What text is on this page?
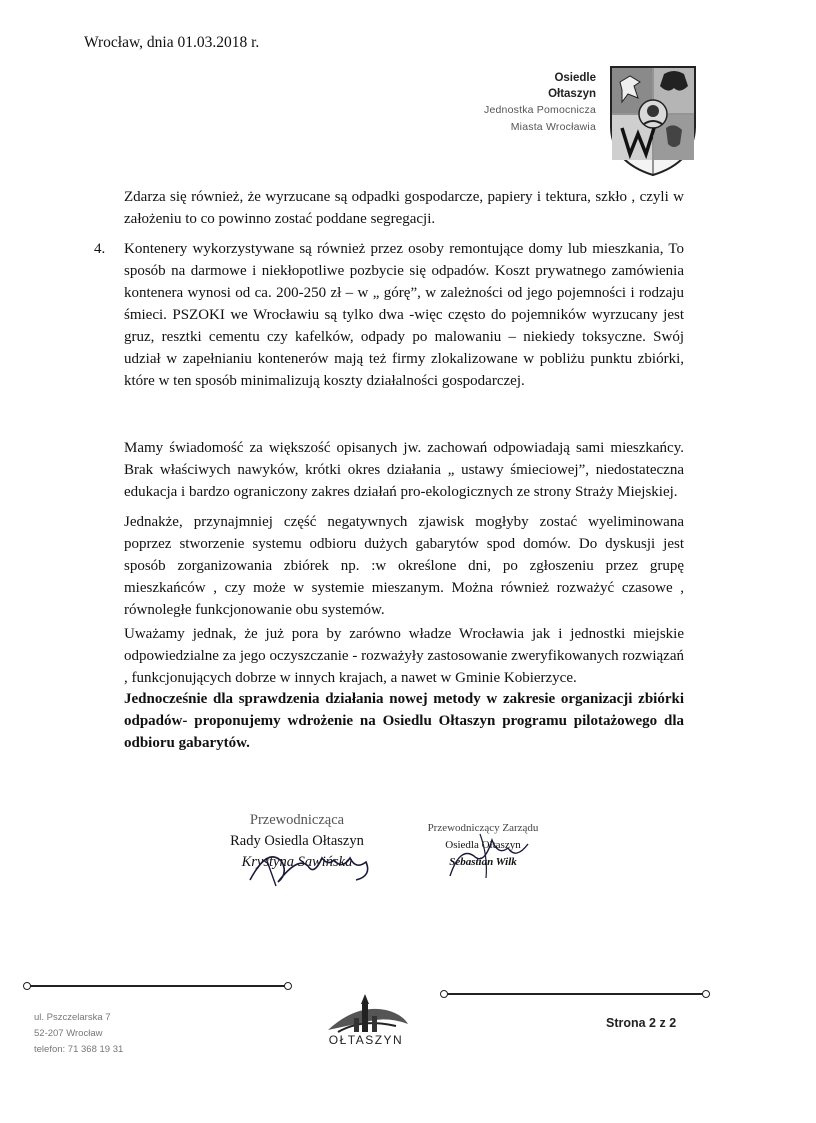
Wrocław, dnia 01.03.2018 r.
Osiedle
Ołtaszyn
Jednostka Pomocnicza
Miasta Wrocławia
Zdarza się również, że wyrzucane są odpadki gospodarcze, papiery i tektura, szkło , czyli w założeniu to co powinno zostać poddane segregacji.
4. Kontenery wykorzystywane są również przez osoby remontujące domy lub mieszkania, To sposób na darmowe i niekłopotliwe pozbycie się odpadów. Koszt prywatnego zamówienia kontenera wynosi od ca. 200-250 zł – w „ górę”, w zależności od jego pojemności i rodzaju śmieci. PSZOKI we Wrocławiu są tylko dwa -więc często do pojemników wyrzucany jest gruz, resztki cementu czy kafelków, odpady po malowaniu – niekiedy toksyczne. Swój udział w zapełnianiu kontenerów mają też firmy zlokalizowane w pobliżu punktu zbiórki, które w ten sposób minimalizują koszty działalności gospodarczej.
Mamy świadomość za większość opisanych jw. zachowań odpowiadają sami mieszkańcy. Brak właściwych nawyków, krótki okres działania „ ustawy śmieciowej”, niedostateczna edukacja i bardzo ograniczony zakres działań pro-ekologicznych ze strony Straży Miejskiej.
Jednakże, przynajmniej część negatywnych zjawisk mogłyby zostać wyeliminowana poprzez stworzenie systemu odbioru dużych gabarytów spod domów. Do dyskusji jest sposób zorganizowania zbiórek np. :w określone dni, po zgłoszeniu przez grupę mieszkańców , czy może w systemie mieszanym. Można również rozważyć czasowe , równoległe funkcjonowanie obu systemów.
Uważamy jednak, że już pora by zarówno władze Wrocławia jak i jednostki miejskie odpowiedzialne za jego oczyszczanie - rozważyły zastosowanie zweryfikowanych rozwiązań , funkcjonujących dobrze w innych krajach, a nawet w Gminie Kobierzyce.
Jednocześnie dla sprawdzenia działania nowej metody w zakresie organizacji zbiórki odpadów- proponujemy wdrożenie na Osiedlu Ołtaszyn programu pilotażowego dla odbioru gabarytów.
Przewodnicząca
Rady Osiedla Ołtaszyn
Krystyna Sawińska
Przewodniczący Zarządu
Osiedla Ołtaszyn
Sebastian Wilk
ul. Pszczelarska 7
52-207 Wrocław
telefon: 71 368 19 31
OŁTASZYN
Strona 2 z 2
